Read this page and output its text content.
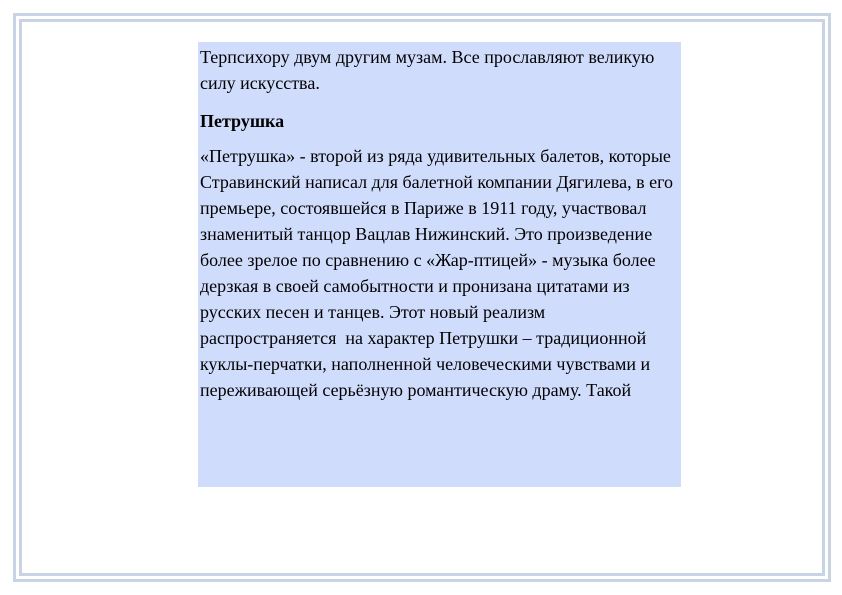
Терпсихору двум другим музам. Все прославляют великую силу искусства.

Петрушка

«Петрушка» - второй из ряда удивительных балетов, которые Стравинский написал для балетной компании Дягилева, в его премьере, состоявшейся в Париже в 1911 году, участвовал знаменитый танцор Вацлав Нижинский. Это произведение более зрелое по сравнению с «Жар-птицей» - музыка более дерзкая в своей самобытности и пронизана цитатами из русских песен и танцев. Этот новый реализм распространяется  на характер Петрушки – традиционной куклы-перчатки, наполненной человеческими чувствами и переживающей серьёзную романтическую драму. Такой
